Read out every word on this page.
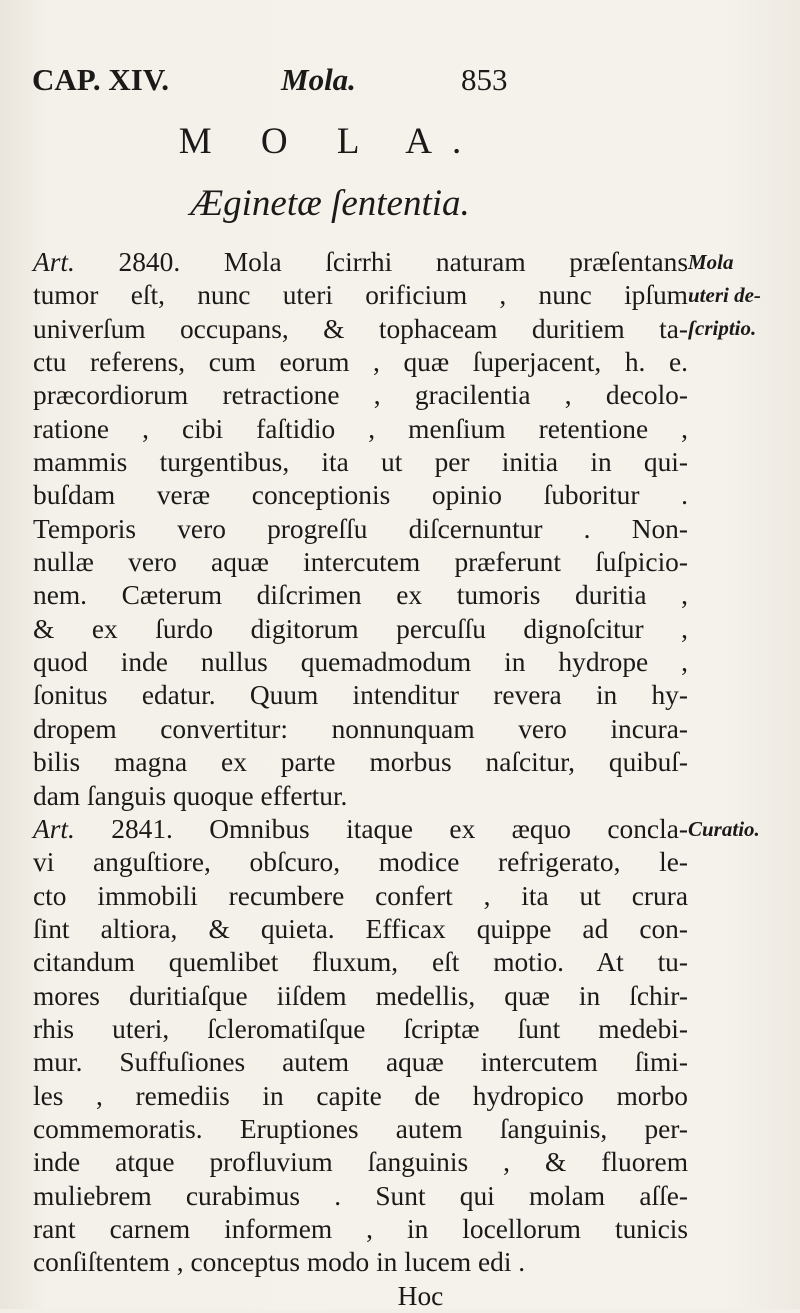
CAP. XIV.	Mola.	853
M O L A.
Æginetæ ſententia.
Art. 2840. Mola ſcirrhi naturam præſentans
tumor eſt, nunc uteri orificium , nunc ipſum
univerſum occupans, & tophaceam duritiem ta-
ctu referens, cum eorum , quæ ſuperjacent, h. e.
præcordiorum retractione , gracilentia , decolo-
ratione , cibi faſtidio , menſium retentione ,
mammis turgentibus, ita ut per initia in qui-
buſdam veræ conceptionis opinio ſuboritur .
Temporis vero progreſſu diſcernuntur . Non-
nullæ vero aquæ intercutem præferunt ſuſpicio-
nem. Cæterum diſcrimen ex tumoris duritia ,
& ex ſurdo digitorum percuſſu dignoſcitur ,
quod inde nullus quemadmodum in hydrope ,
ſonitus edatur. Quum intenditur revera in hy-
dropem convertitur: nonnunquam vero incura-
bilis magna ex parte morbus naſcitur, quibuſ-
dam ſanguis quoque effertur.
Art. 2841. Omnibus itaque ex æquo concla-
vi anguſtiore, obſcuro, modice refrigerato, le-
cto immobili recumbere confert , ita ut crura
ſint altiora, & quieta. Efficax quippe ad con-
citandum quemlibet fluxum, eſt motio. At tu-
mores duritiaſque iiſdem medellis, quæ in ſchir-
rhis uteri, ſcleromatiſque ſcriptæ ſunt medebi-
mur. Suffuſiones autem aquæ intercutem ſimi-
les , remediis in capite de hydropico morbo
commemoratis. Eruptiones autem ſanguinis, per-
inde atque profluvium ſanguinis , & fluorem
muliebrem curabimus . Sunt qui molam aſſe-
rant carnem informem , in locellorum tunicis
conſiſtentem , conceptus modo in lucem edi .
Hoc
Mola
uteri de-
ſcriptio.
Curatio.
